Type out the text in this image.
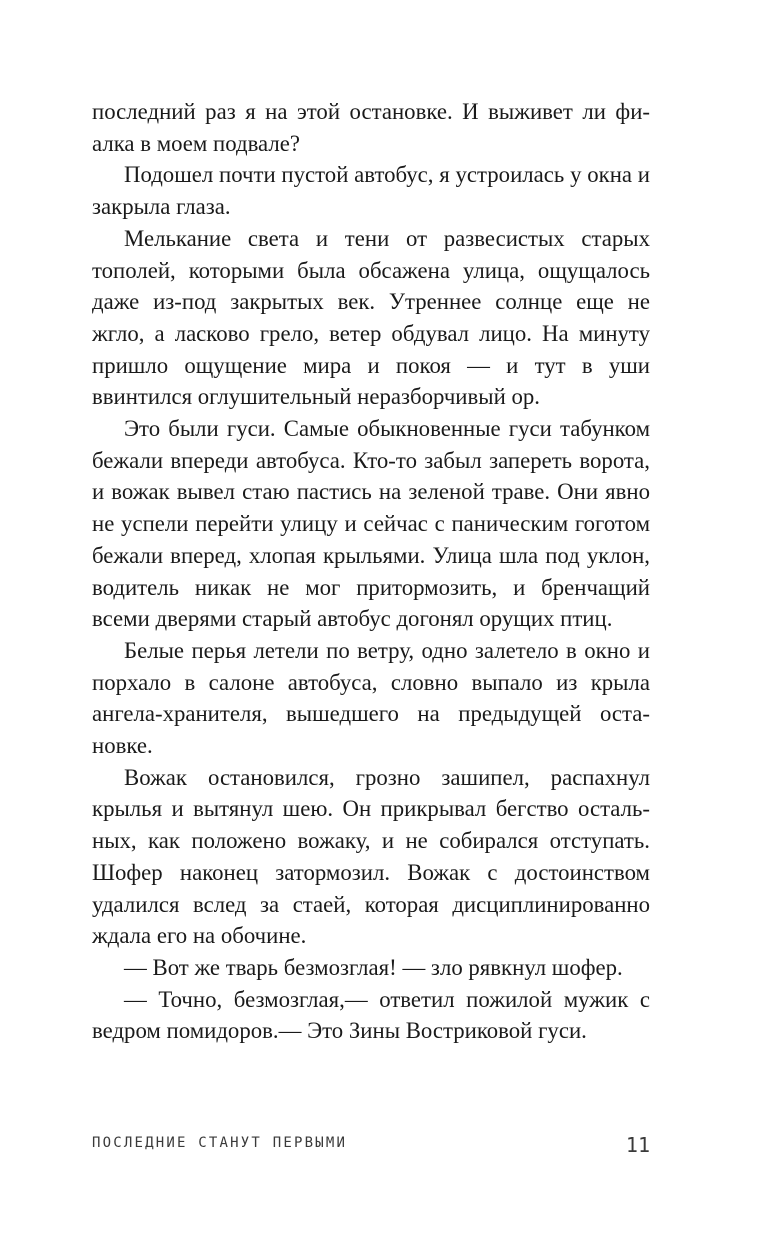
последний раз я на этой остановке. И выживет ли фиалка в моем подвале?

Подошел почти пустой автобус, я устроилась у окна и закрыла глаза.

Мелькание света и тени от развесистых старых тополей, которыми была обсажена улица, ощущалось даже из-под закрытых век. Утреннее солнце еще не жгло, а ласково грело, ветер обдувал лицо. На минуту пришло ощущение мира и покоя — и тут в уши ввинтился оглушительный неразборчивый ор.

Это были гуси. Самые обыкновенные гуси табунком бежали впереди автобуса. Кто-то забыл запереть ворота, и вожак вывел стаю пастись на зеленой траве. Они явно не успели перейти улицу и сейчас с паническим гоготом бежали вперед, хлопая крыльями. Улица шла под уклон, водитель никак не мог притормозить, и бренчащий всеми дверями старый автобус догонял орущих птиц.

Белые перья летели по ветру, одно залетело в окно и порхало в салоне автобуса, словно выпало из крыла ангела-хранителя, вышедшего на предыдущей остановке.

Вожак остановился, грозно зашипел, распахнул крылья и вытянул шею. Он прикрывал бегство остальных, как положено вожаку, и не собирался отступать. Шофер наконец затормозил. Вожак с достоинством удалился вслед за стаей, которая дисциплинированно ждала его на обочине.

— Вот же тварь безмозглая! — зло рявкнул шофер.

— Точно, безмозглая,— ответил пожилой мужик с ведром помидоров.— Это Зины Востриковой гуси.

ПОСЛЕДНИЕ СТАНУТ ПЕРВЫМИ	11
